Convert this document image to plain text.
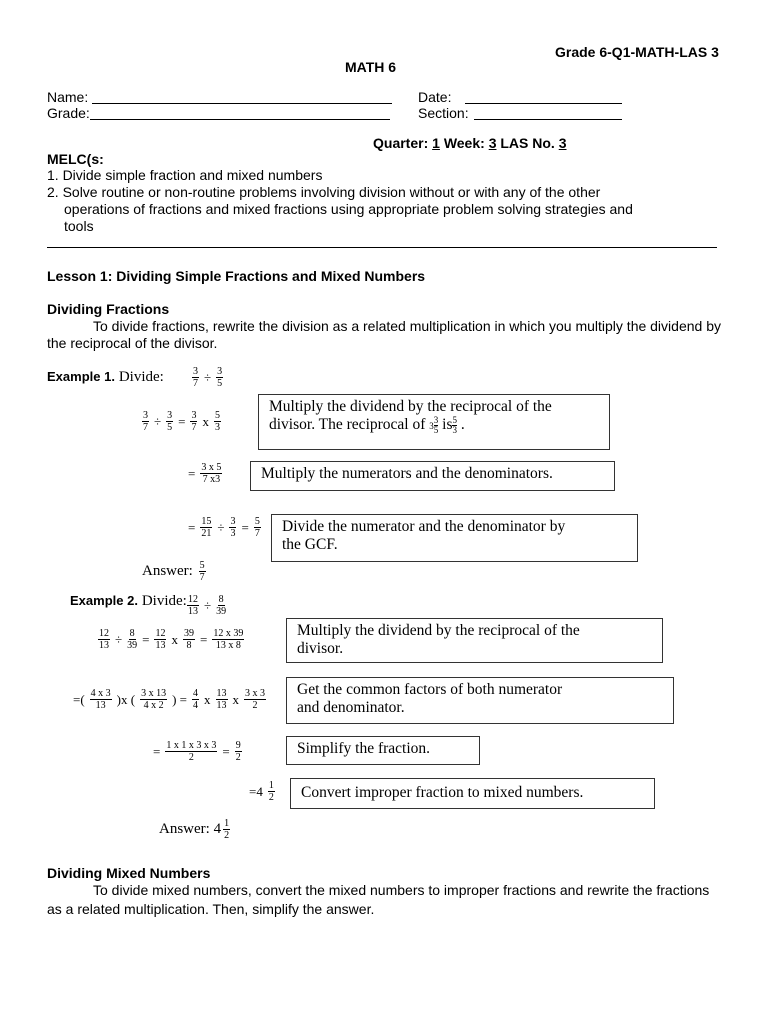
Grade 6-Q1-MATH-LAS 3
MATH 6
Name:	Date:
Grade:	Section:
Quarter: 1 Week: 3 LAS No. 3
MELC(s:
1. Divide simple fraction and mixed numbers
2. Solve routine or non-routine problems involving division without or with any of the other
operations of fractions and mixed fractions using appropriate problem solving strategies and
tools
Lesson 1: Dividing Simple Fractions and Mixed Numbers
Dividing Fractions
To divide fractions, rewrite the division as a related multiplication in which you multiply the dividend by the reciprocal of the divisor.
Example 1. Divide:	$\frac{3}{7} \div \frac{3}{5}$
$\frac{3}{7} \div \frac{3}{5} = \frac{3}{7}$ x $\frac{5}{3}$
= $\frac{3 x 5}{7 x3}$
= $\frac{15}{21} \div \frac{3}{3} = \frac{5}{7}$
Multiply the dividend by the reciprocal of the
divisor. The reciprocal of $3 \frac{3}{5}$ is $\frac{5}{3}$ .
Multiply the numerators and the denominators.
Divide the numerator and the denominator by
the GCF.
Answer:
$\frac{5}{7}$
Example 2. Divide: $\frac{12}{13} \div \frac{8}{39}$
$\frac{12}{13} \div \frac{8}{39} = \frac{12}{13}$ x $\frac{39}{8} = \frac{12 x 39}{13 x 8}$
=( $\frac{4 x 3}{13} )x$ ( $\frac{3 x 13}{4 x 2}$ ) = $\frac{4}{4}$ x $\frac{13}{13}$ x $\frac{3 x 3}{2}$
= $\frac{1 x 1 x 3 x 3}{2} = \frac{9}{2}$
$=4 \frac{1}{2}$
Multiply the dividend by the reciprocal of the
divisor.
Get the common factors of both numerator
and denominator.
Simplify the fraction.
Convert improper fraction to mixed numbers.
Answer: $4 \frac{1}{2}$
Dividing Mixed Numbers
To divide mixed numbers, convert the mixed numbers to improper fractions and rewrite the fractions as a related multiplication. Then, simplify the answer.
